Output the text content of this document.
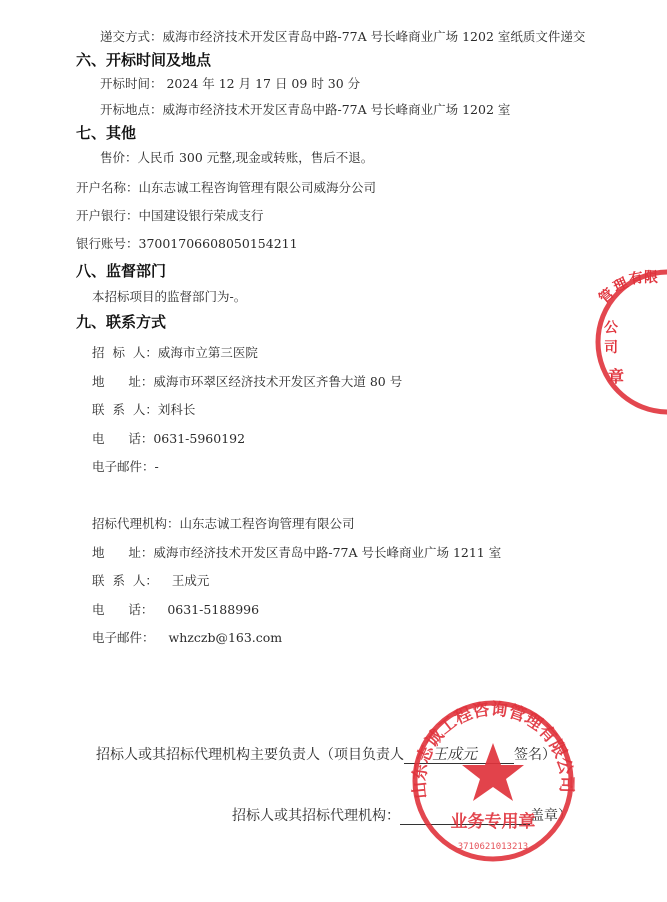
递交方式：威海市经济技术开发区青岛中路-77A 号长峰商业广场 1202 室纸质文件递交
六、开标时间及地点
开标时间： 2024 年 12 月 17 日 09 时 30 分
开标地点：威海市经济技术开发区青岛中路-77A 号长峰商业广场 1202 室
七、其他
售价：人民币 300 元整,现金或转账，售后不退。
开户名称：山东志诚工程咨询管理有限公司威海分公司
开户银行：中国建设银行荣成支行
银行账号：37001706608050154211
八、监督部门
本招标项目的监督部门为-。
九、联系方式
招  标  人：威海市立第三医院
地      址：威海市环翠区经济技术开发区齐鲁大道 80 号
联  系  人：刘科长
电      话：0631-5960192
电子邮件：-
招标代理机构：山东志诚工程咨询管理有限公司
地      址：威海市经济技术开发区青岛中路-77A 号长峰商业广场 1211 室
联  系  人： 王成元
电      话： 0631-5188996
电子邮件： whzczb@163.com
招标人或其招标代理机构主要负责人（项目负责人 王成元	签名）
招标人或其招标代理机构：	盖章）
管
理
有 限
公
司
章
山东志诚工程咨询管理有限公司
业务专用章
3710621013213
